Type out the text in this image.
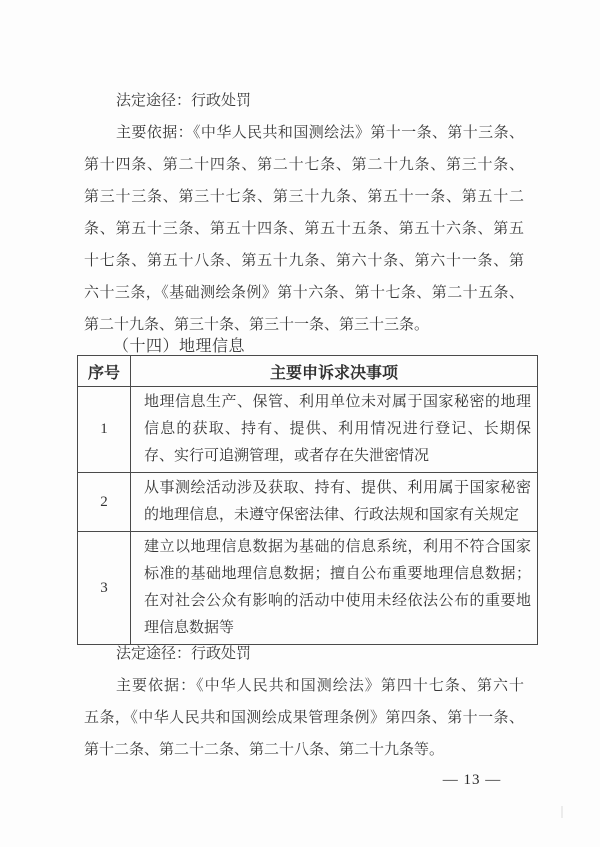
法定途径：行政处罚
主要依据：《中华人民共和国测绘法》第十一条、第十三条、
第十四条、第二十四条、第二十七条、第二十九条、第三十条、
第三十三条、第三十七条、第三十九条、第五十一条、第五十二
条、第五十三条、第五十四条、第五十五条、第五十六条、第五
十七条、第五十八条、第五十九条、第六十条、第六十一条、第
六十三条，《基础测绘条例》第十六条、第十七条、第二十五条、
第二十九条、第三十条、第三十一条、第三十三条。
（十四）地理信息
序号	主要申诉求决事项
1	地理信息生产、保管、利用单位未对属于国家秘密的地理信息的获取、持有、提供、利用情况进行登记、长期保存、实行可追溯管理，或者存在失泄密情况
2	从事测绘活动涉及获取、持有、提供、利用属于国家秘密的地理信息，未遵守保密法律、行政法规和国家有关规定
3	建立以地理信息数据为基础的信息系统，利用不符合国家标准的基础地理信息数据；擅自公布重要地理信息数据；在对社会公众有影响的活动中使用未经依法公布的重要地理信息数据等
法定途径：行政处罚
主要依据：《中华人民共和国测绘法》第四十七条、第六十
五条，《中华人民共和国测绘成果管理条例》第四条、第十一条、
第十二条、第二十二条、第二十八条、第二十九条等。
— 13 —
